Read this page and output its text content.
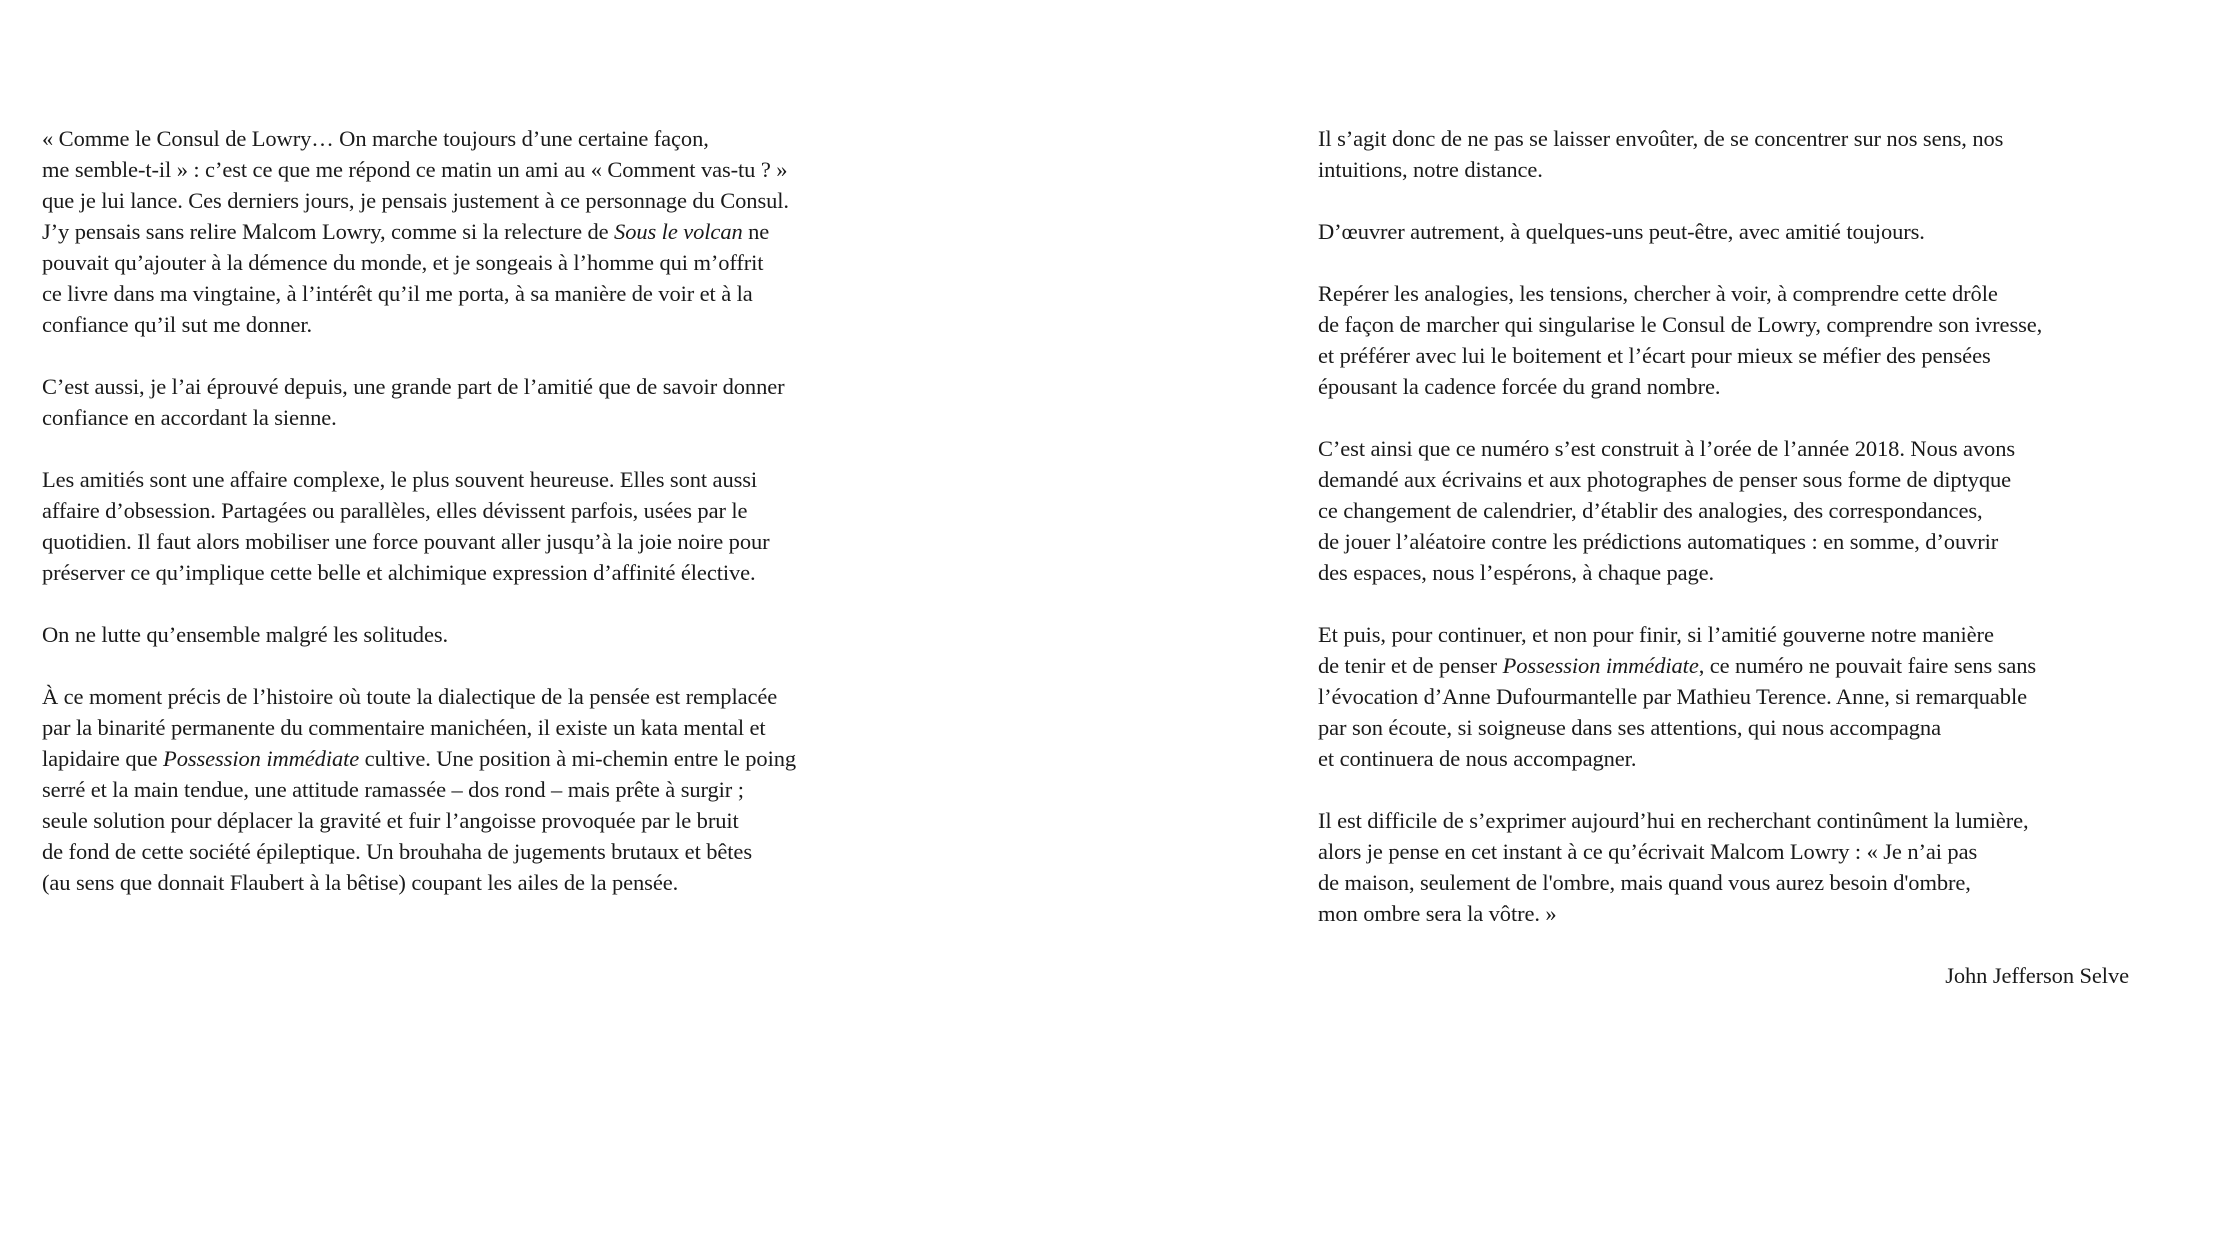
« Comme le Consul de Lowry… On marche toujours d’une certaine façon,
me semble-t-il » : c’est ce que me répond ce matin un ami au « Comment vas-tu ? »
que je lui lance. Ces derniers jours, je pensais justement à ce personnage du Consul.
J’y pensais sans relire Malcom Lowry, comme si la relecture de Sous le volcan ne
pouvait qu’ajouter à la démence du monde, et je songeais à l’homme qui m’offrit
ce livre dans ma vingtaine, à l’intérêt qu’il me porta, à sa manière de voir et à la
confiance qu’il sut me donner.

C’est aussi, je l’ai éprouvé depuis, une grande part de l’amitié que de savoir donner
confiance en accordant la sienne.

Les amitiés sont une affaire complexe, le plus souvent heureuse. Elles sont aussi
affaire d’obsession. Partagées ou parallèles, elles dévissent parfois, usées par le
quotidien. Il faut alors mobiliser une force pouvant aller jusqu’à la joie noire pour
préserver ce qu’implique cette belle et alchimique expression d’affinité élective.

On ne lutte qu’ensemble malgré les solitudes.

À ce moment précis de l’histoire où toute la dialectique de la pensée est remplacée
par la binarité permanente du commentaire manichéen, il existe un kata mental et
lapidaire que Possession immédiate cultive. Une position à mi-chemin entre le poing
serré et la main tendue, une attitude ramassée – dos rond – mais prête à surgir ;
seule solution pour déplacer la gravité et fuir l’angoisse provoquée par le bruit
de fond de cette société épileptique. Un brouhaha de jugements brutaux et bêtes
(au sens que donnait Flaubert à la bêtise) coupant les ailes de la pensée.

Il s’agit donc de ne pas se laisser envoûter, de se concentrer sur nos sens, nos
intuitions, notre distance.

D’œuvrer autrement, à quelques-uns peut-être, avec amitié toujours.

Repérer les analogies, les tensions, chercher à voir, à comprendre cette drôle
de façon de marcher qui singularise le Consul de Lowry, comprendre son ivresse,
et préférer avec lui le boitement et l’écart pour mieux se méfier des pensées
épousant la cadence forcée du grand nombre.

C’est ainsi que ce numéro s’est construit à l’orée de l’année 2018. Nous avons
demandé aux écrivains et aux photographes de penser sous forme de diptyque
ce changement de calendrier, d’établir des analogies, des correspondances,
de jouer l’aléatoire contre les prédictions automatiques : en somme, d’ouvrir
des espaces, nous l’espérons, à chaque page.

Et puis, pour continuer, et non pour finir, si l’amitié gouverne notre manière
de tenir et de penser Possession immédiate, ce numéro ne pouvait faire sens sans
l’évocation d’Anne Dufourmantelle par Mathieu Terence. Anne, si remarquable
par son écoute, si soigneuse dans ses attentions, qui nous accompagna
et continuera de nous accompagner.

Il est difficile de s’exprimer aujourd’hui en recherchant continûment la lumière,
alors je pense en cet instant à ce qu’écrivait Malcom Lowry : « Je n’ai pas
de maison, seulement de l'ombre, mais quand vous aurez besoin d'ombre,
mon ombre sera la vôtre. »

John Jefferson Selve
